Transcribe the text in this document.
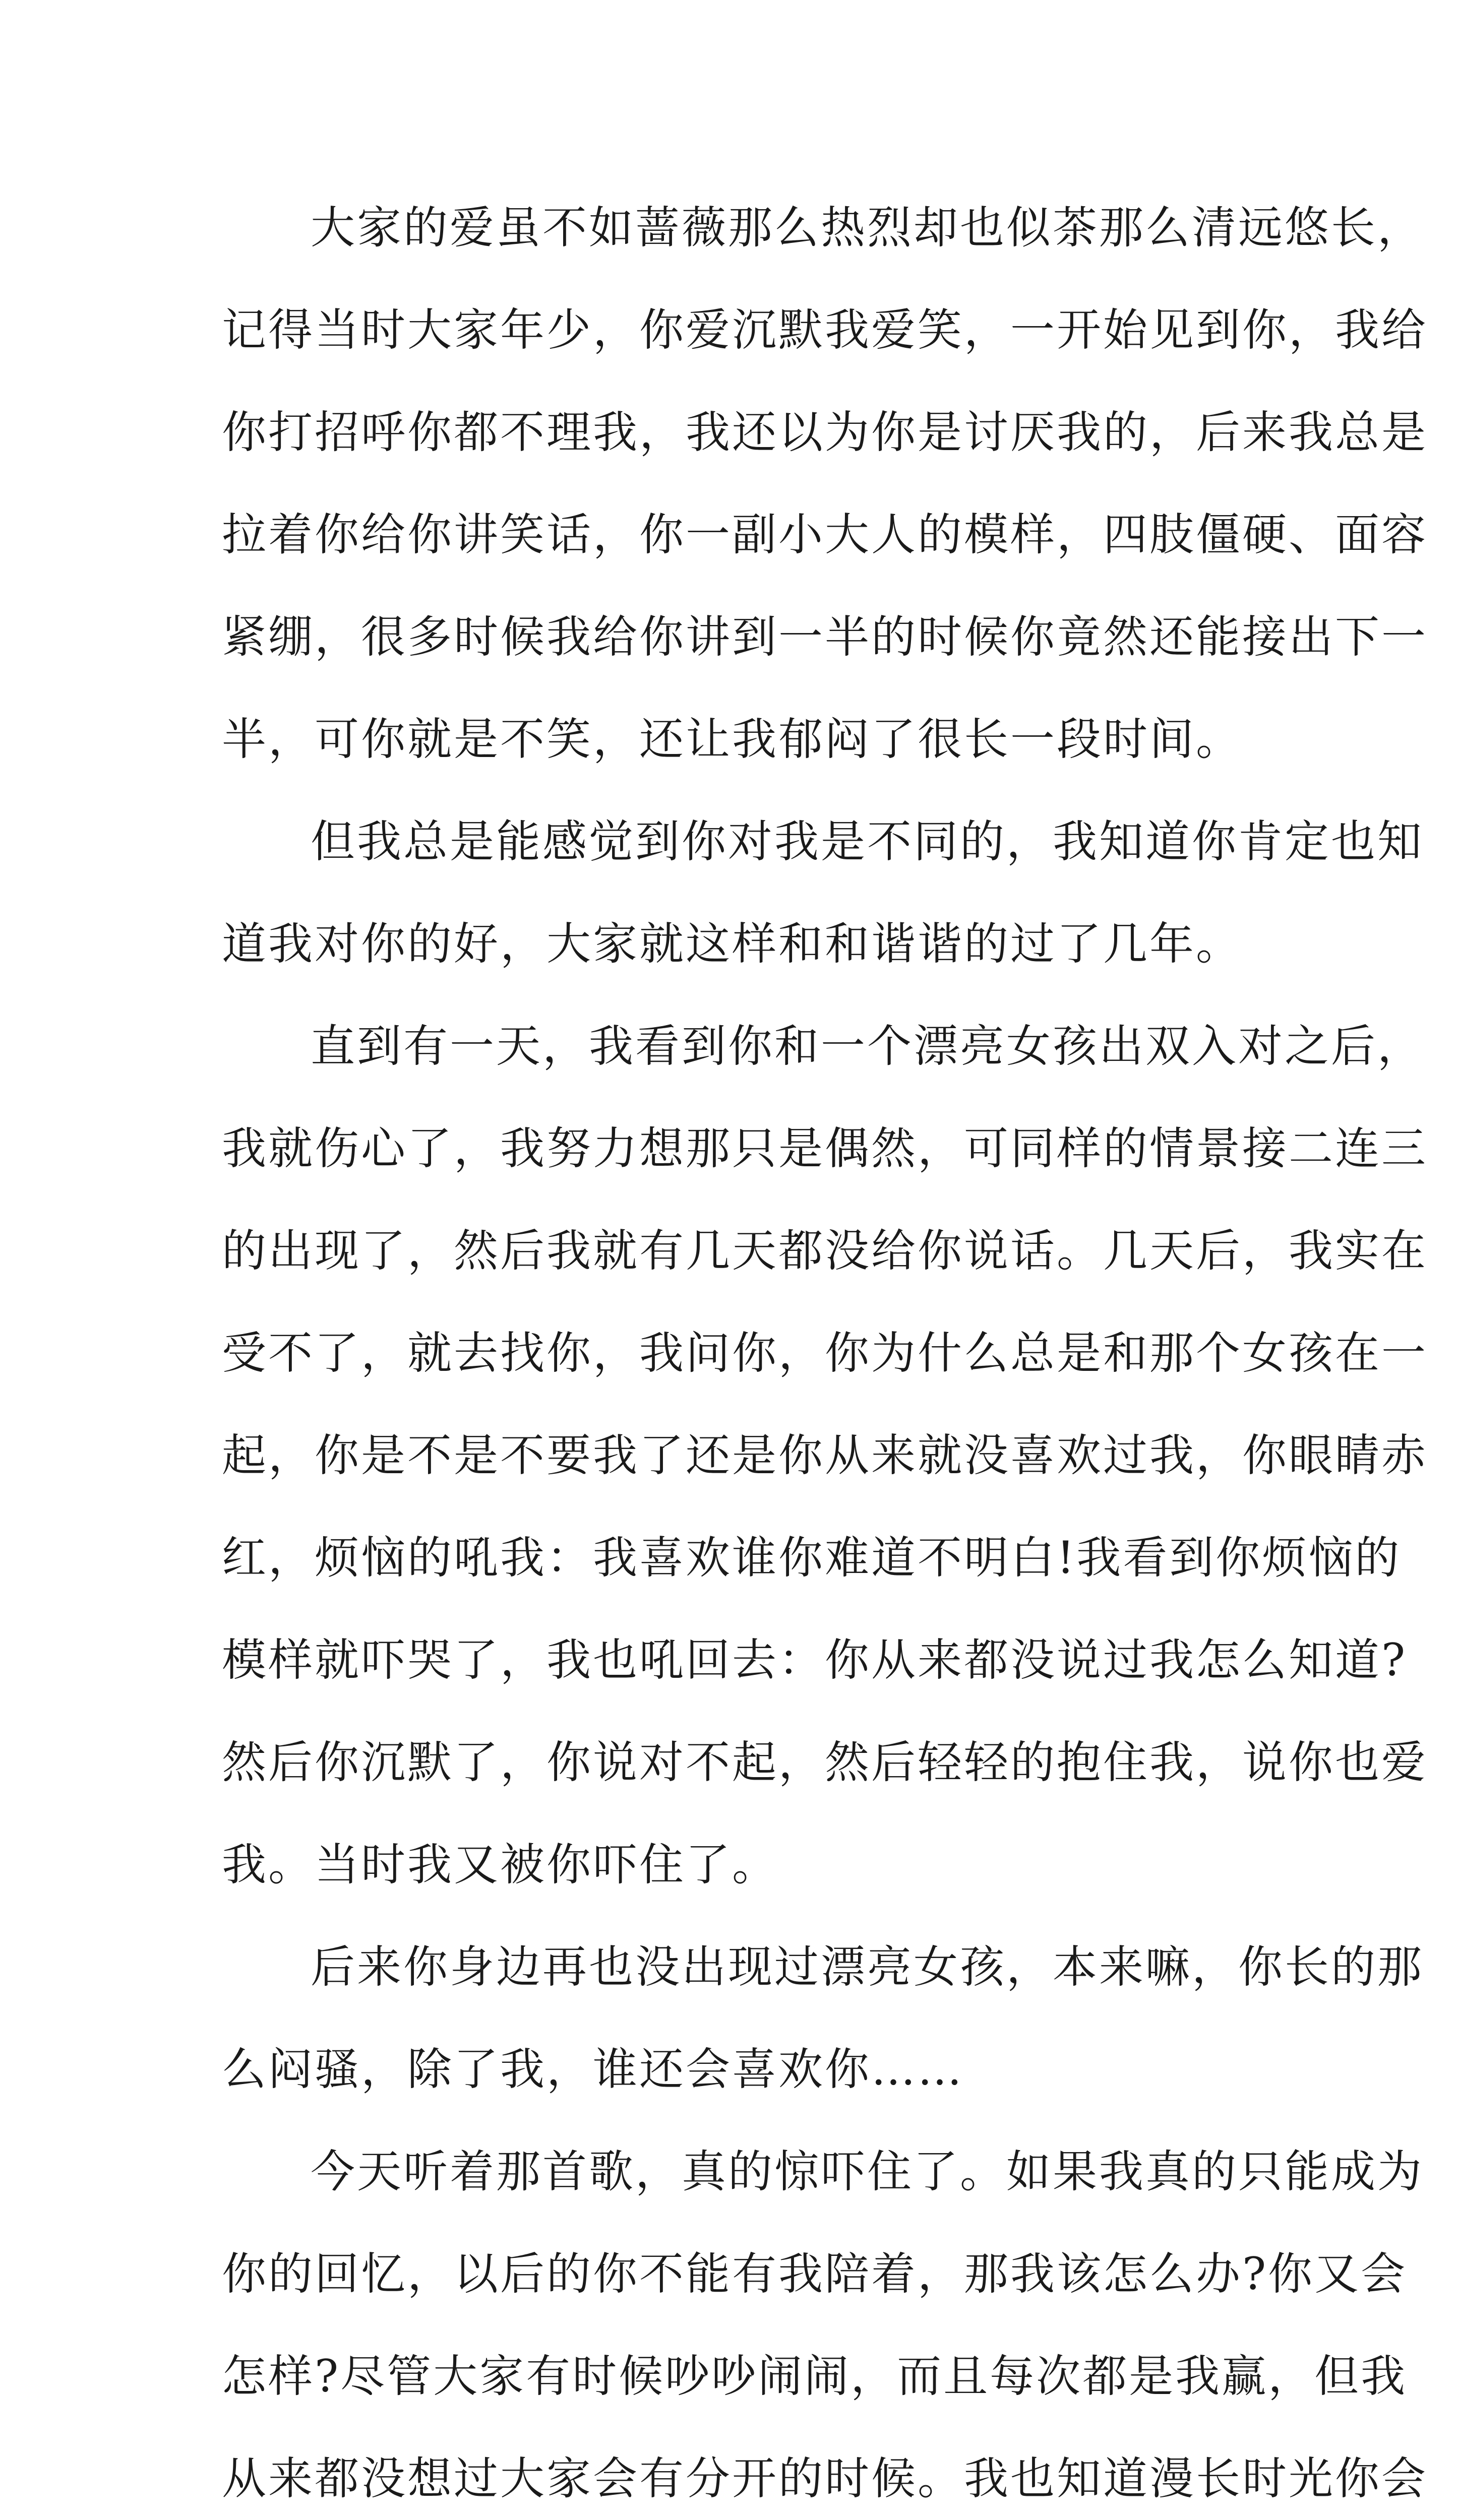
大家的爱虽不如蔷薇那么热烈却也似茶那么清远悠长，
记得当时大家年少，你爱沉默我爱笑，一开始见到你，我给
你打招呼你都不理我，我还以为你是讨厌我的，后来我总是
拉着你给你讲笑话，你一副小大人的模样，四肢僵硬、面容
紧绷，很多时候我给你讲到一半的时候你竟然还能接出下一
半，可你就是不笑，还让我郁闷了很长一段时间。

但我总是能感觉到你对我是不同的，我知道你肯定也知
道我对你的好，大家就这样和和谐谐的过了几年。

直到有一天，我看到你和一个漂亮女孩出双入对之后，
我就伤心了，我努力想那只是偶然，可同样的情景接二连三
的出现了，然后我就有几天都没给你说话。几天后，我实在
受不了，就去找你，我问你，你为什么总是和那个女孩在一
起，你是不是不要我了还是你从来就没喜欢过我，你眼睛赤
红，烦恼的吼我：我喜欢谁你难道不明白!我看到你烦恼的
模样就吓哭了，我也吼回去：你从来都没说过我怎么知道?
然后你沉默了，你说对不起，然后轻轻的抱住我，说你也爱
我。当时我又被你吓住了。

后来你身边再也没出现过漂亮女孩，本来嘛，你长的那
么闷骚，除了我，谁还会喜欢你……

今天听着那首歌，真的惊吓住了。如果我真的只能成为
你的回忆，以后的你不能有我陪着，那我该怎么办?你又会
怎样?尽管大家有时候吵吵闹闹，而且每次都是我赢，但我
从来都没想过大家会有分开的时候。我也知道漫长时光你会
